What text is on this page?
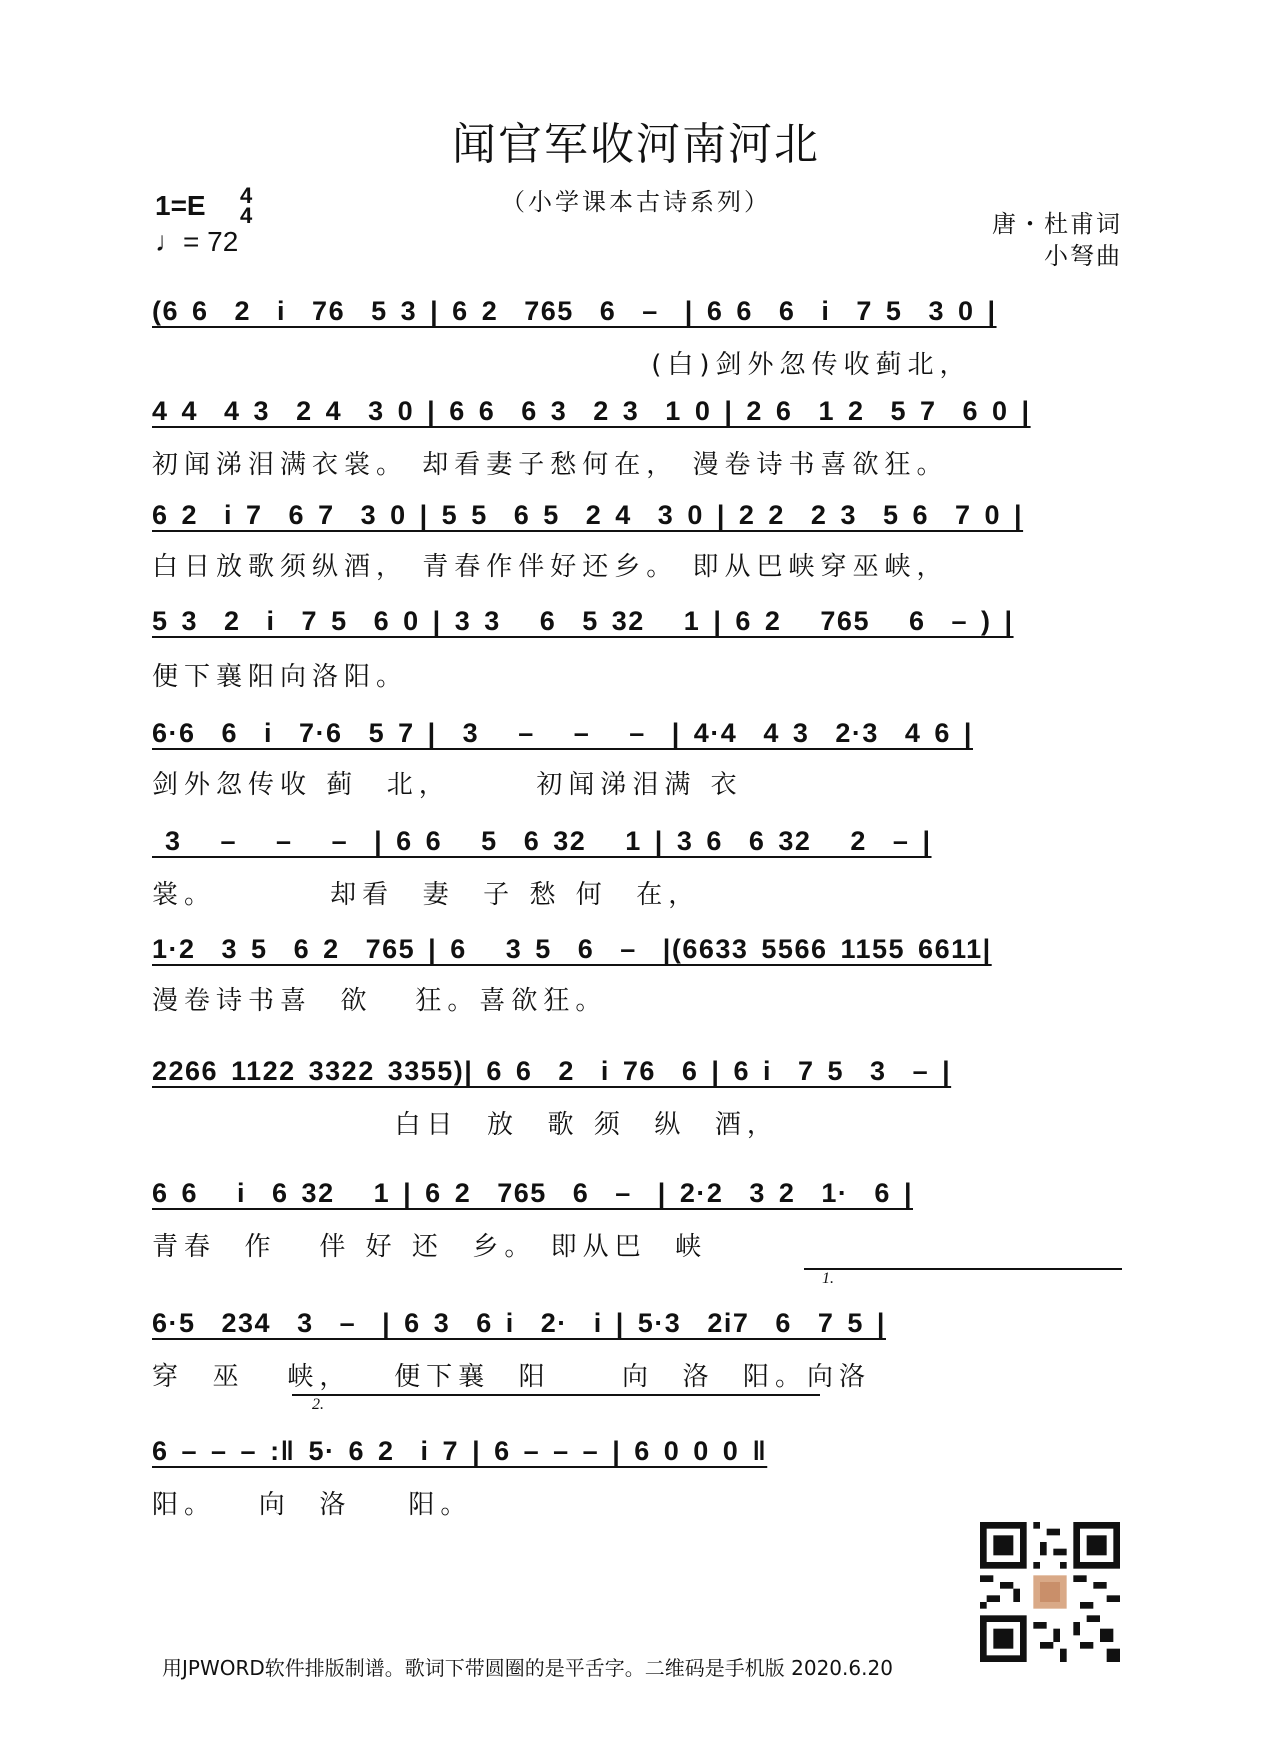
闻官军收河南河北
（小学课本古诗系列）
1=E 4
4
♩= 72
唐・杜甫词
小弩曲
(6 6  2  i  76  5 3 | 6 2  765  6  –  | 6 6  6  i  7 5  3 0 |
(白)剑外忽传收蓟北，
4 4  4 3  2 4  3 0 | 6 6  6 3  2 3  1 0 | 2 6  1 2  5 7  6 0 |
初闻涕泪满衣裳。 却看妻子愁何在， 漫卷诗书喜欲狂。
6 2  i 7  6 7  3 0 | 5 5  6 5  2 4  3 0 | 2 2  2 3  5 6  7 0 |
白日放歌须纵酒， 青春作伴好还乡。 即从巴峡穿巫峡，
5 3  2  i  7 5  6 0 | 3 3   6  5 32   1 | 6 2   765   6  – ) |
便下襄阳向洛阳。
6·6  6  i  7·6  5 7 |  3   –   –   –  | 4·4  4 3  2·3  4 6 |
剑外忽传收 蓟  北，      初闻涕泪满 衣
3   –   –   –  | 6 6   5  6 32   1 | 3 6  6 32   2  – |
裳。        却看  妻  子 愁 何  在，
1·2  3 5  6 2  765 | 6   3 5  6  –  |(6633 5566 1155 6611|
漫卷诗书喜  欲   狂。喜欲狂。
2266 1122 3322 3355)| 6 6  2  i 76  6 | 6 i  7 5  3  – |
白日  放  歌 须  纵  酒，
6 6   i  6 32   1 | 6 2  765  6  –  | 2·2  3 2  1·  6 |
青春  作   伴 好 还  乡。 即从巴  峡
1.
6·5  234  3  –  | 6 3  6 i  2·  i | 5·3  2i7  6  7 5 |
穿  巫   峡，   便下襄  阳     向  洛  阳。向洛
2.
6 – – – :‖ 5· 6 2  i 7 | 6 – – – | 6 0 0 0 ‖
阳。   向  洛    阳。
用JPWORD软件排版制谱。歌词下带圆圈的是平舌字。二维码是手机版 2020.6.20
